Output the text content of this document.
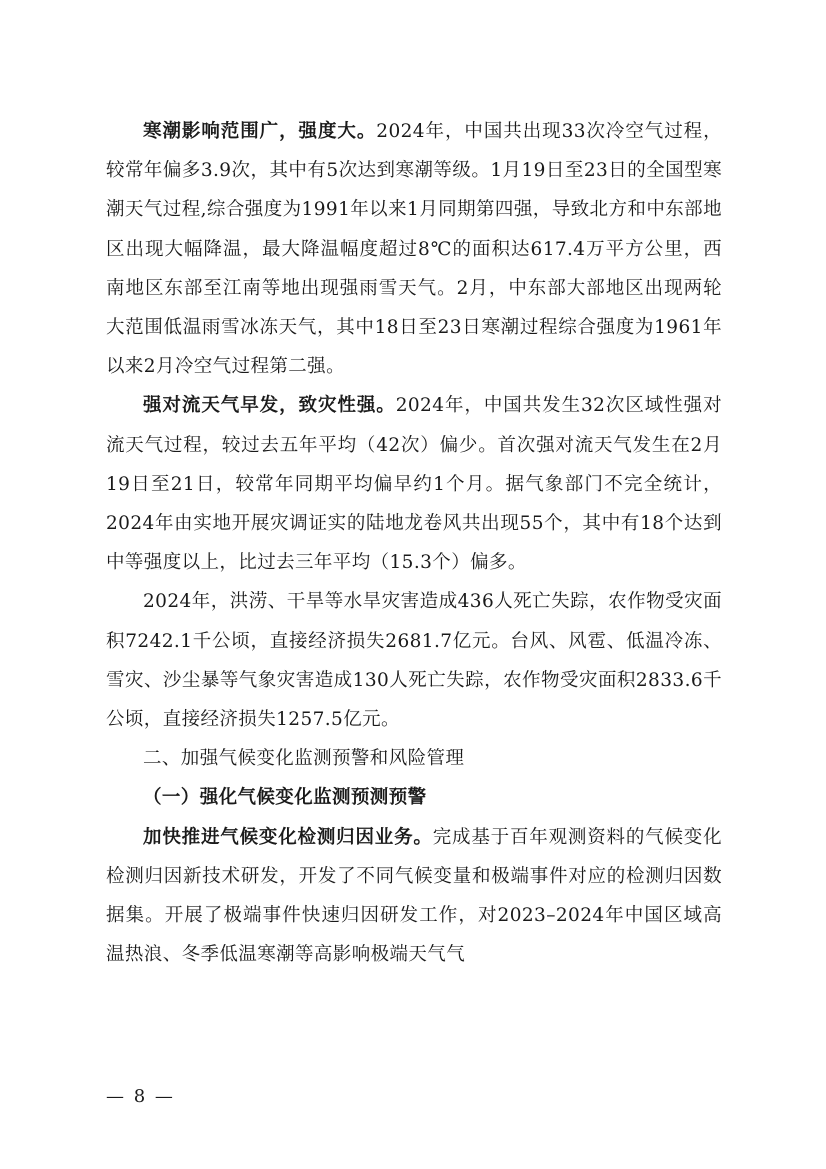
寒潮影响范围广，强度大。2024年，中国共出现33次冷空气过程，较常年偏多3.9次，其中有5次达到寒潮等级。1月19日至23日的全国型寒潮天气过程,综合强度为1991年以来1月同期第四强，导致北方和中东部地区出现大幅降温，最大降温幅度超过8℃的面积达617.4万平方公里，西南地区东部至江南等地出现强雨雪天气。2月，中东部大部地区出现两轮大范围低温雨雪冰冻天气，其中18日至23日寒潮过程综合强度为1961年以来2月冷空气过程第二强。

强对流天气早发，致灾性强。2024年，中国共发生32次区域性强对流天气过程，较过去五年平均（42次）偏少。首次强对流天气发生在2月19日至21日，较常年同期平均偏早约1个月。据气象部门不完全统计，2024年由实地开展灾调证实的陆地龙卷风共出现55个，其中有18个达到中等强度以上，比过去三年平均（15.3个）偏多。

2024年，洪涝、干旱等水旱灾害造成436人死亡失踪，农作物受灾面积7242.1千公顷，直接经济损失2681.7亿元。台风、风雹、低温冷冻、雪灾、沙尘暴等气象灾害造成130人死亡失踪，农作物受灾面积2833.6千公顷，直接经济损失1257.5亿元。

二、加强气候变化监测预警和风险管理

（一）强化气候变化监测预测预警

加快推进气候变化检测归因业务。完成基于百年观测资料的气候变化检测归因新技术研发，开发了不同气候变量和极端事件对应的检测归因数据集。开展了极端事件快速归因研发工作，对2023–2024年中国区域高温热浪、冬季低温寒潮等高影响极端天气气

— 8 —
